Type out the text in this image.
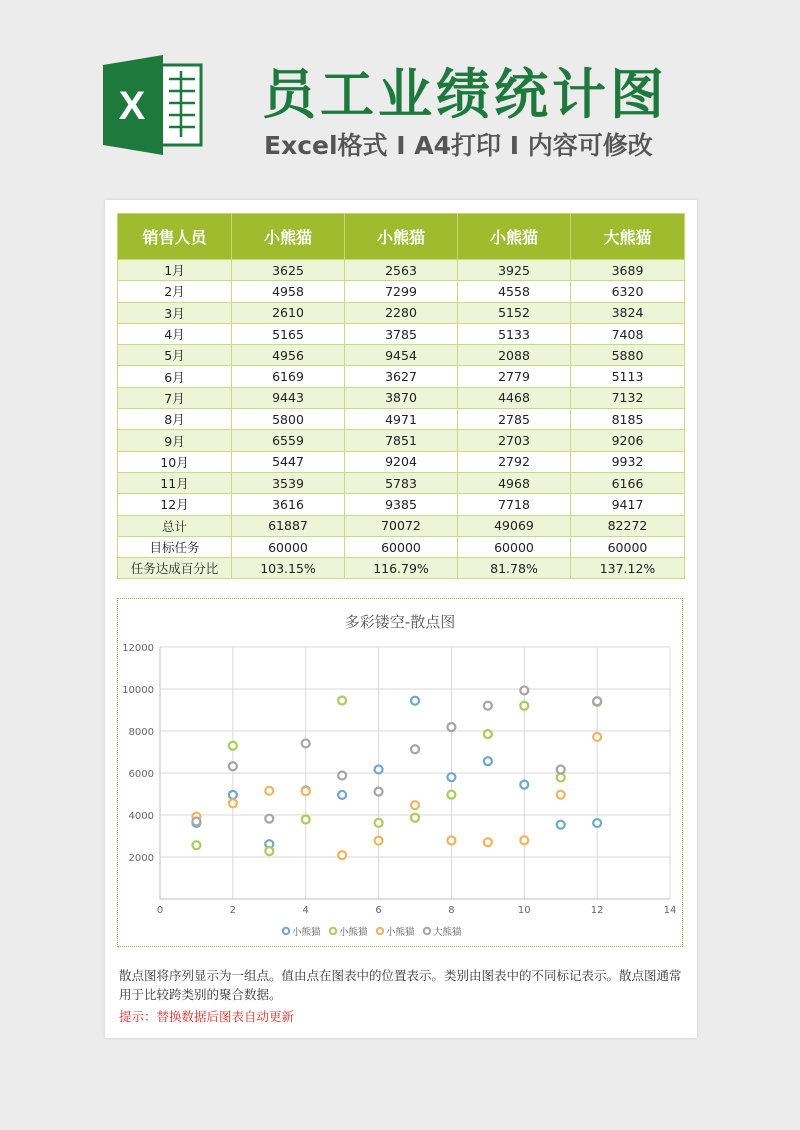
X 员工业绩统计图
Excel格式 I A4打印 I 内容可修改
销售人员	小熊猫	小熊猫	小熊猫	大熊猫
1月	3625	2563	3925	3689
2月	4958	7299	4558	6320
3月	2610	2280	5152	3824
4月	5165	3785	5133	7408
5月	4956	9454	2088	5880
6月	6169	3627	2779	5113
7月	9443	3870	4468	7132
8月	5800	4971	2785	8185
9月	6559	7851	2703	9206
10月	5447	9204	2792	9932
11月	3539	5783	4968	6166
12月	3616	9385	7718	9417
总计	61887	70072	49069	82272
目标任务	60000	60000	60000	60000
任务达成百分比	103.15%	116.79%	81.78%	137.12%
多彩镂空-散点图
2000
4000
6000
8000
10000
12000
0	2	4	6	8	10	12	14
小熊猫 小熊猫 小熊猫 大熊猫
散点图将序列显示为一组点。值由点在图表中的位置表示。类别由图表中的不同标记表示。散点图通常用于比较跨类别的聚合数据。
提示：替换数据后图表自动更新
